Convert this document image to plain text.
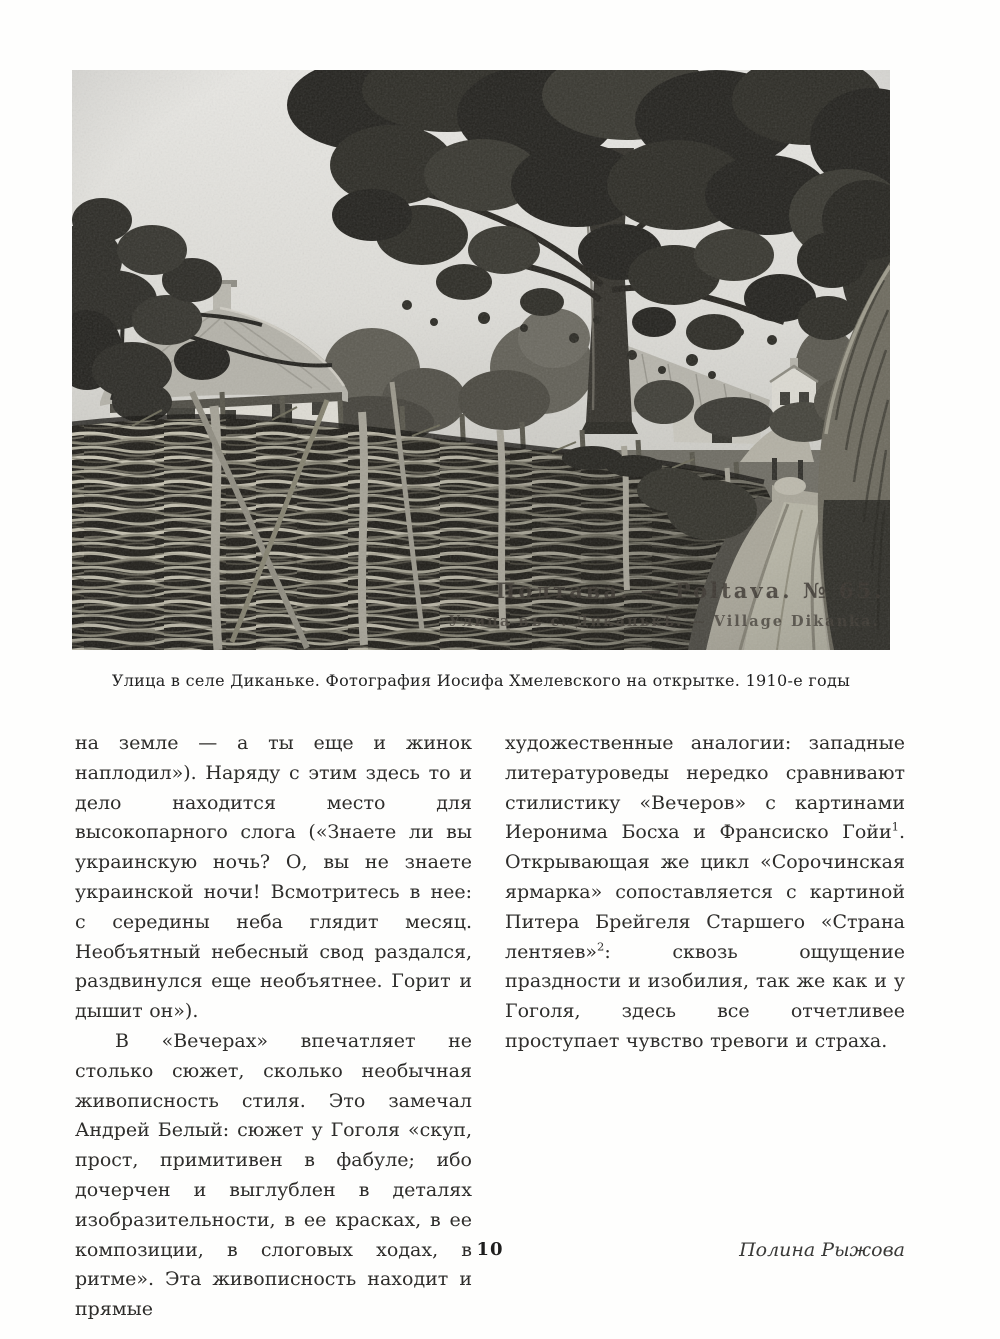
Улица в селе Диканьке. Фотография Иосифа Хмелевского на открытке. 1910-е годы

на земле — а ты еще и жинок наплодил»). Наряду с этим здесь то и дело находится место для высокопарного слога («Знаете ли вы украинскую ночь? О, вы не знаете украинской ночи! Всмотритесь в нее: с середины неба глядит месяц. Необъятный небесный свод раздался, раздвинулся еще необъятнее. Горит и дышит он»).

В «Вечерах» впечатляет не столько сюжет, сколько необычная живописность стиля. Это замечал Андрей Белый: сюжет у Гоголя «скуп, прост, примитивен в фабуле; ибо дочерчен и выглублен в деталях изобразительности, в ее красках, в ее композиции, в слоговых ходах, в ритме». Эта живописность находит и прямые

художественные аналогии: западные литературоведы нередко сравнивают стилистику «Вечеров» с картинами Иеронима Босха и Франсиско Гойи$^1$. Открывающая же цикл «Сорочинская ярмарка» сопоставляется с картиной Питера Брейгеля Старшего «Страна лентяев»$^2$: сквозь ощущение праздности и изобилия, так же как и у Гоголя, здесь все отчетливее проступает чувство тревоги и страха.

10	Полина Рыжова
